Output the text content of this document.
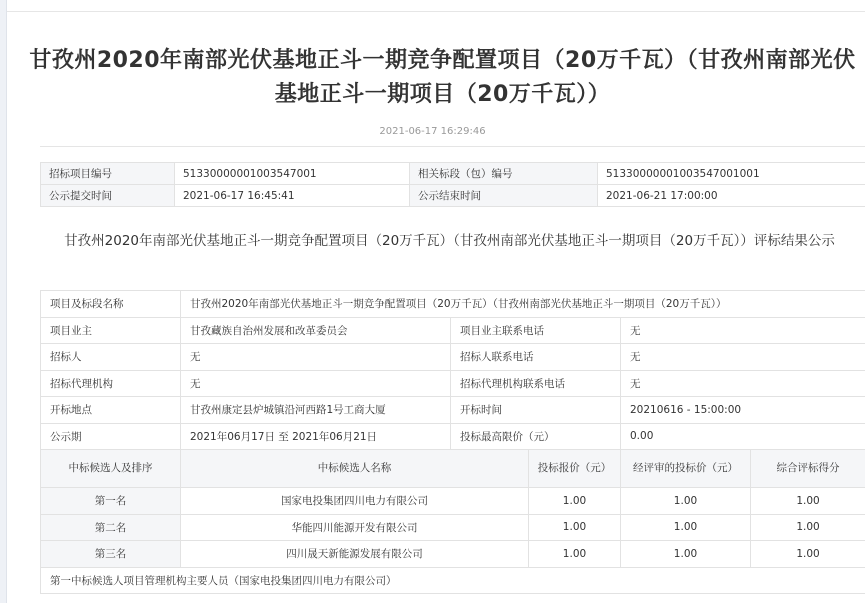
甘孜州2020年南部光伏基地正斗一期竞争配置项目（20万千瓦）（甘孜州南部光伏基地正斗一期项目（20万千瓦））
2021-06-17 16:29:46
招标项目编号	51330000001003547001	相关标段（包）编号	51330000001003547001001
公示提交时间	2021-06-17 16:45:41	公示结束时间	2021-06-21 17:00:00
甘孜州2020年南部光伏基地正斗一期竞争配置项目（20万千瓦）（甘孜州南部光伏基地正斗一期项目（20万千瓦））评标结果公示
项目及标段名称	甘孜州2020年南部光伏基地正斗一期竞争配置项目（20万千瓦）（甘孜州南部光伏基地正斗一期项目（20万千瓦））				
项目业主	甘孜藏族自治州发展和改革委员会	项目业主联系电话		无	
招标人	无	招标人联系电话		无	
招标代理机构	无	招标代理机构联系电话		无	
开标地点	甘孜州康定县炉城镇沿河西路1号工商大厦	开标时间		20210616 - 15:00:00	
公示期	2021年06月17日 至 2021年06月21日	投标最高限价（元）		0.00	
中标候选人及排序	中标候选人名称		投标报价（元）	经评审的投标价（元）	综合评标得分
第一名	国家电投集团四川电力有限公司		1.00	1.00	1.00
第二名	华能四川能源开发有限公司		1.00	1.00	1.00
第三名	四川晟天新能源发展有限公司		1.00	1.00	1.00
第一中标候选人项目管理机构主要人员（国家电投集团四川电力有限公司）					
